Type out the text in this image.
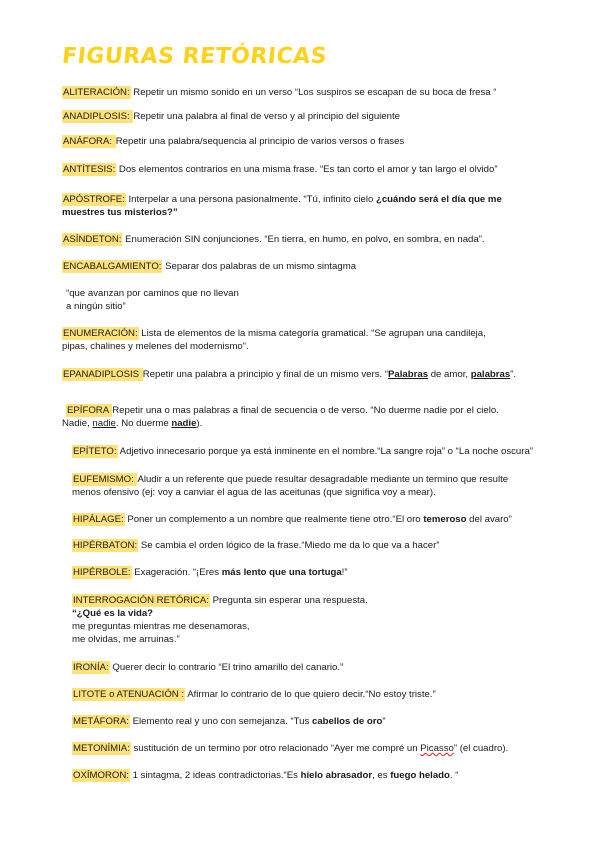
FIGURAS RETÓRICAS
ALITERACIÓN: Repetir un mismo sonido en un verso “Los suspiros se escapan de su boca de fresa “
ANADIPLOSIS: Repetir una palabra al final de verso y al principio del siguiente
ANÁFORA: Repetir una palabra/sequencia al principio de varios versos o frases
ANTÍTESIS: Dos elementos contrarios en una misma frase. “Es tan corto el amor y tan largo el olvido”
APÓSTROFE: Interpelar a una persona pasionalmente. “Tú, infinito cielo ¿cuándo será el día que me
muestres tus misterios?”
ASÍNDETON: Enumeración SIN conjunciones. “En tierra, en humo, en polvo, en sombra, en nada”.
ENCABALGAMIENTO: Separar dos palabras de un mismo sintagma
“que avanzan por caminos que no llevan
a ningún sitio”
ENUMERACIÓN: Lista de elementos de la misma categoría gramatical. “Se agrupan una candileja,
pipas, chalines y melenes del modernismo”.
EPANADIPLOSIS Repetir una palabra a principio y final de un mismo vers. “Palabras de amor, palabras”.
EPÍFORA Repetir una o mas palabras a final de secuencia o de verso. “No duerme nadie por el cielo.
Nadie, nadie. No duerme nadie).
EPÍTETO: Adjetivo innecesario porque ya está inminente en el nombre.“La sangre roja” o “La noche oscura”
EUFEMISMO: Aludir a un referente que puede resultar desagradable mediante un termino que resulte
menos ofensivo (ej: voy a canviar el agua de las aceitunas (que significa voy a mear).
HIPÁLAGE: Poner un complemento a un nombre que realmente tiene otro.“El oro temeroso del avaro”
HIPÉRBATON: Se cambia el orden lógico de la frase.“Miedo me da lo que va a hacer”
HIPÉRBOLE: Exageración. “¡Eres más lento que una tortuga!”
INTERROGACIÓN RETÓRICA: Pregunta sin esperar una respuesta.
“¿Qué es la vida?
me preguntas mientras me desenamoras,
me olvidas, me arruinas.”
IRONÍA: Querer decir lo contrario “El trino amarillo del canario.”
LITOTE o ATENUACIÓN : Afirmar lo contrario de lo que quiero decir.“No estoy triste.”
METÁFORA: Elemento real y uno con semejanza. “Tus cabellos de oro”
METONÍMIA: sustitución de un termino por otro relacionado “Ayer me compré un Picasso” (el cuadro).
OXÍMORON: 1 sintagma, 2 ideas contradictorias.“Es hielo abrasador, es fuego helado. “
